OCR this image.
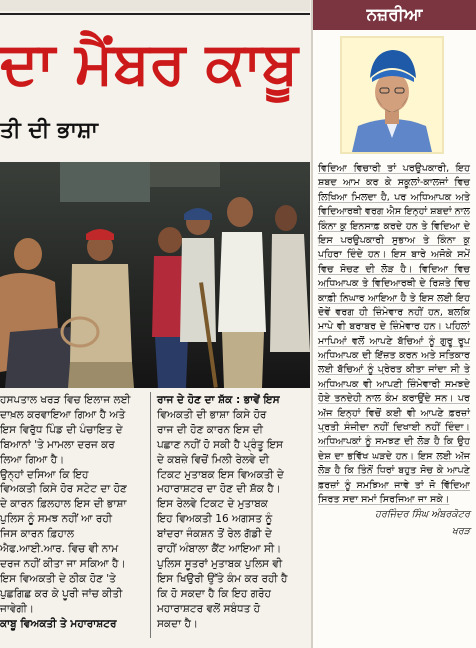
ਦਾ ਮੈਂਬਰ ਕਾਬੂ
ਤੀ ਦੀ ਭਾਸ਼ਾ

ਹਸਪਤਾਲ ਖਰੜ ਵਿਚ ਇਲਾਜ ਲਈ

ਦਾਖ਼ਲ ਕਰਵਾਇਆ ਗਿਆ ਹੈ ਅਤੇ

ਇਸ ਵਿਰੁੱਧ ਪਿੰਡ ਦੀ ਪੰਚਾਇਤ ਦੇ

ਬਿਆਨਾਂ 'ਤੇ ਮਾਮਲਾ ਦਰਜ ਕਰ

ਲਿਆ ਗਿਆ ਹੈ।

ਉਨ੍ਹਾਂ ਦਸਿਆ ਕਿ ਇਹ

ਵਿਅਕਤੀ ਕਿਸੇ ਹੋਰ ਸਟੇਟ ਦਾ ਹੋਣ

ਦੇ ਕਾਰਨ ਫ਼ਿਲਹਾਲ ਇਸ ਦੀ ਭਾਸ਼ਾ

ਪੁਲਿਸ ਨੂੰ ਸਮਝ ਨਹੀਂ ਆ ਰਹੀ

ਜਿਸ ਕਾਰਨ ਫ਼ਿਹਾਲ

ਐਫ.ਆਈ.ਆਰ. ਵਿਚ ਵੀ ਨਾਮ

ਦਰਜ ਨਹੀਂ ਕੀਤਾ ਜਾ ਸਕਿਆ ਹੈ।

ਇਸ ਵਿਅਕਤੀ ਦੇ ਠੀਕ ਹੋਣ 'ਤੇ

ਪੁਛਗਿਛ ਕਰ ਕੇ ਪੂਰੀ ਜਾਂਚ ਕੀਤੀ

ਜਾਵੇਗੀ।

ਕਾਬੂ ਵਿਅਕਤੀ ਤੇ ਮਹਾਰਾਸ਼ਟਰ

ਰਾਜ ਦੇ ਹੋਣ ਦਾ ਸ਼ੱਕ : ਭਾਵੇਂ ਇਸ

ਵਿਅਕਤੀ ਦੀ ਭਾਸ਼ਾ ਕਿਸੇ ਹੋਰ

ਰਾਜ ਦੀ ਹੋਣ ਕਾਰਨ ਇਸ ਦੀ

ਪਛਾਣ ਨਹੀਂ ਹੋ ਸਕੀ ਹੈ ਪ੍ਰੰਤੂ ਇਸ

ਦੇ ਕਬਜ਼ੇ ਵਿਚੋਂ ਮਿਲੀ ਰੇਲਵੇ ਦੀ

ਟਿਕਟ ਮੁਤਾਬਕ ਇਸ ਵਿਅਕਤੀ ਦੇ

ਮਹਾਰਾਸ਼ਟਰ ਦਾ ਹੋਣ ਦੀ ਸ਼ੱਕ ਹੈ।

ਇਸ ਰੇਲਵੇ ਟਿਕਟ ਦੇ ਮੁਤਾਬਕ

ਇਹ ਵਿਅਕਤੀ 16 ਅਗਸਤ ਨੂੰ

ਬਾਂਦਰਾ ਜੰਕਸ਼ਨ ਤੋਂ ਰੇਲ ਗੱਡੀ ਦੇ

ਰਾਹੀਂ ਅੰਬਾਲਾ ਕੈਂਟ ਆਇਆ ਸੀ।

ਪੁਲਿਸ ਸੂਤਰਾਂ ਮੁਤਾਬਕ ਪੁਲਿਸ ਵੀ

ਇਸ ਖਿਉਰੀ ਉੱਤੇ ਕੰਮ ਕਰ ਰਹੀ ਹੈ

ਕਿ ਹੋ ਸਕਦਾ ਹੈ ਕਿ ਇਹ ਗਰੋਹ

ਮਹਾਰਾਸ਼ਟਰ ਵਲੋਂ ਸਬੰਧਤ ਹੋ

ਸਕਦਾ ਹੈ।

ਨਜ਼ਰੀਆ
ਵਿਦਿਆ ਵਿਚਾਰੀ ਤਾਂ ਪਰਉਪਕਾਰੀ, ਇਹ ਸ਼ਬਦ ਆਮ ਕਰ ਕੇ ਸਕੂਲਾਂ-ਕਾਲਜਾਂ ਵਿਚ ਲਿਖਿਆ ਮਿਲਦਾ ਹੈ, ਪਰ ਅਧਿਆਪਕ ਅਤੇ ਵਿਦਿਆਰਥੀ ਵਰਗ ਐਸ ਇਨ੍ਹਾਂ ਸ਼ਬਦਾਂ ਨਾਲ ਕਿੰਨਾ ਕੁ ਇਨਸਾਫ਼ ਕਰਦੇ ਹਨ ਤੇ ਵਿਦਿਆ ਦੇ ਇਸ ਪਰਉਪਕਾਰੀ ਸੁਭਾਅ ਤੇ ਕਿੰਨਾ ਕੁ ਪਹਿਰਾ ਦਿੰਦੇ ਹਨ। ਇਸ ਬਾਰੇ ਅਜੋਕੇ ਸਮੇਂ ਵਿਚ ਸੋਚਣ ਦੀ ਲੋੜ ਹੈ। ਵਿਦਿਆ ਵਿਚ ਅਧਿਆਪਕ ਤੇ ਵਿਦਿਆਰਥੀ ਦੇ ਰਿਸ਼ਤੇ ਵਿਚ ਕਾਫ਼ੀ ਨਿਘਾਰ ਆਇਆ ਹੈ ਤੇ ਇਸ ਲਈ ਇਹ ਦੋਵੇਂ ਵਰਗ ਹੀ ਜ਼ਿੰਮੇਵਾਰ ਨਹੀਂ ਹਨ, ਬਲਕਿ ਮਾਪੇ ਵੀ ਬਰਾਬਰ ਦੇ ਜ਼ਿੰਮੇਵਾਰ ਹਨ। ਪਹਿਲਾਂ ਮਾਪਿਆਂ ਵਲੋਂ ਆਪਣੇ ਬੱਚਿਆਂ ਨੂੰ ਗੁਰੂ ਰੂਪ ਅਧਿਆਪਕ ਦੀ ਇੱਜ਼ਤ ਕਰਨ ਅਤੇ ਸਤਿਕਾਰ ਲਈ ਬੱਚਿਆਂ ਨੂੰ ਪ੍ਰੇਰਤ ਕੀਤਾ ਜਾਂਦਾ ਸੀ ਤੇ ਅਧਿਆਪਕ ਵੀ ਆਪਣੀ ਜ਼ਿੰਮੇਵਾਰੀ ਸਮਝਦੇ ਹੋਏ ਤਨਦੇਹੀ ਨਾਲ ਕੰਮ ਕਰਾਉਂਦੇ ਸਨ। ਪਰ ਅੱਜ ਇਨ੍ਹਾਂ ਵਿਚੋਂ ਕਈ ਵੀ ਆਪਣੇ ਫ਼ਰਜ਼ਾਂ ਪ੍ਰਤੀ ਸੰਜੀਦਾ ਨਹੀਂ ਦਿਖਾਈ ਨਹੀਂ ਦਿੰਦਾ। ਅਧਿਆਪਕਾਂ ਨੂੰ ਸਮਝਣ ਦੀ ਲੋੜ ਹੈ ਕਿ ਉਹ ਦੇਸ਼ ਦਾ ਭਵਿੱਖ ਘੜਦੇ ਹਨ। ਇਸ ਲਈ ਅੱਜ ਲੋੜ ਹੈ ਕਿ ਤਿੰਨੋਂ ਧਿਰਾਂ ਬਹੁਤ ਸੋਚ ਕੇ ਆਪਣੇ ਫ਼ਰਜ਼ਾਂ ਨੂੰ ਸਮਝਿਆ ਜਾਵੇ ਤਾਂ ਜੋ ਵਿੱਦਿਆ ਸਿਰਤ ਸਦਾ ਸਮਾਂ ਸਿਰਜਿਆ ਜਾ ਸਕੇ।
ਹਰਜਿੰਦਰ ਸਿੰਘ ਅੰਬਰਕੋਟਰ
ਖਰੜ
